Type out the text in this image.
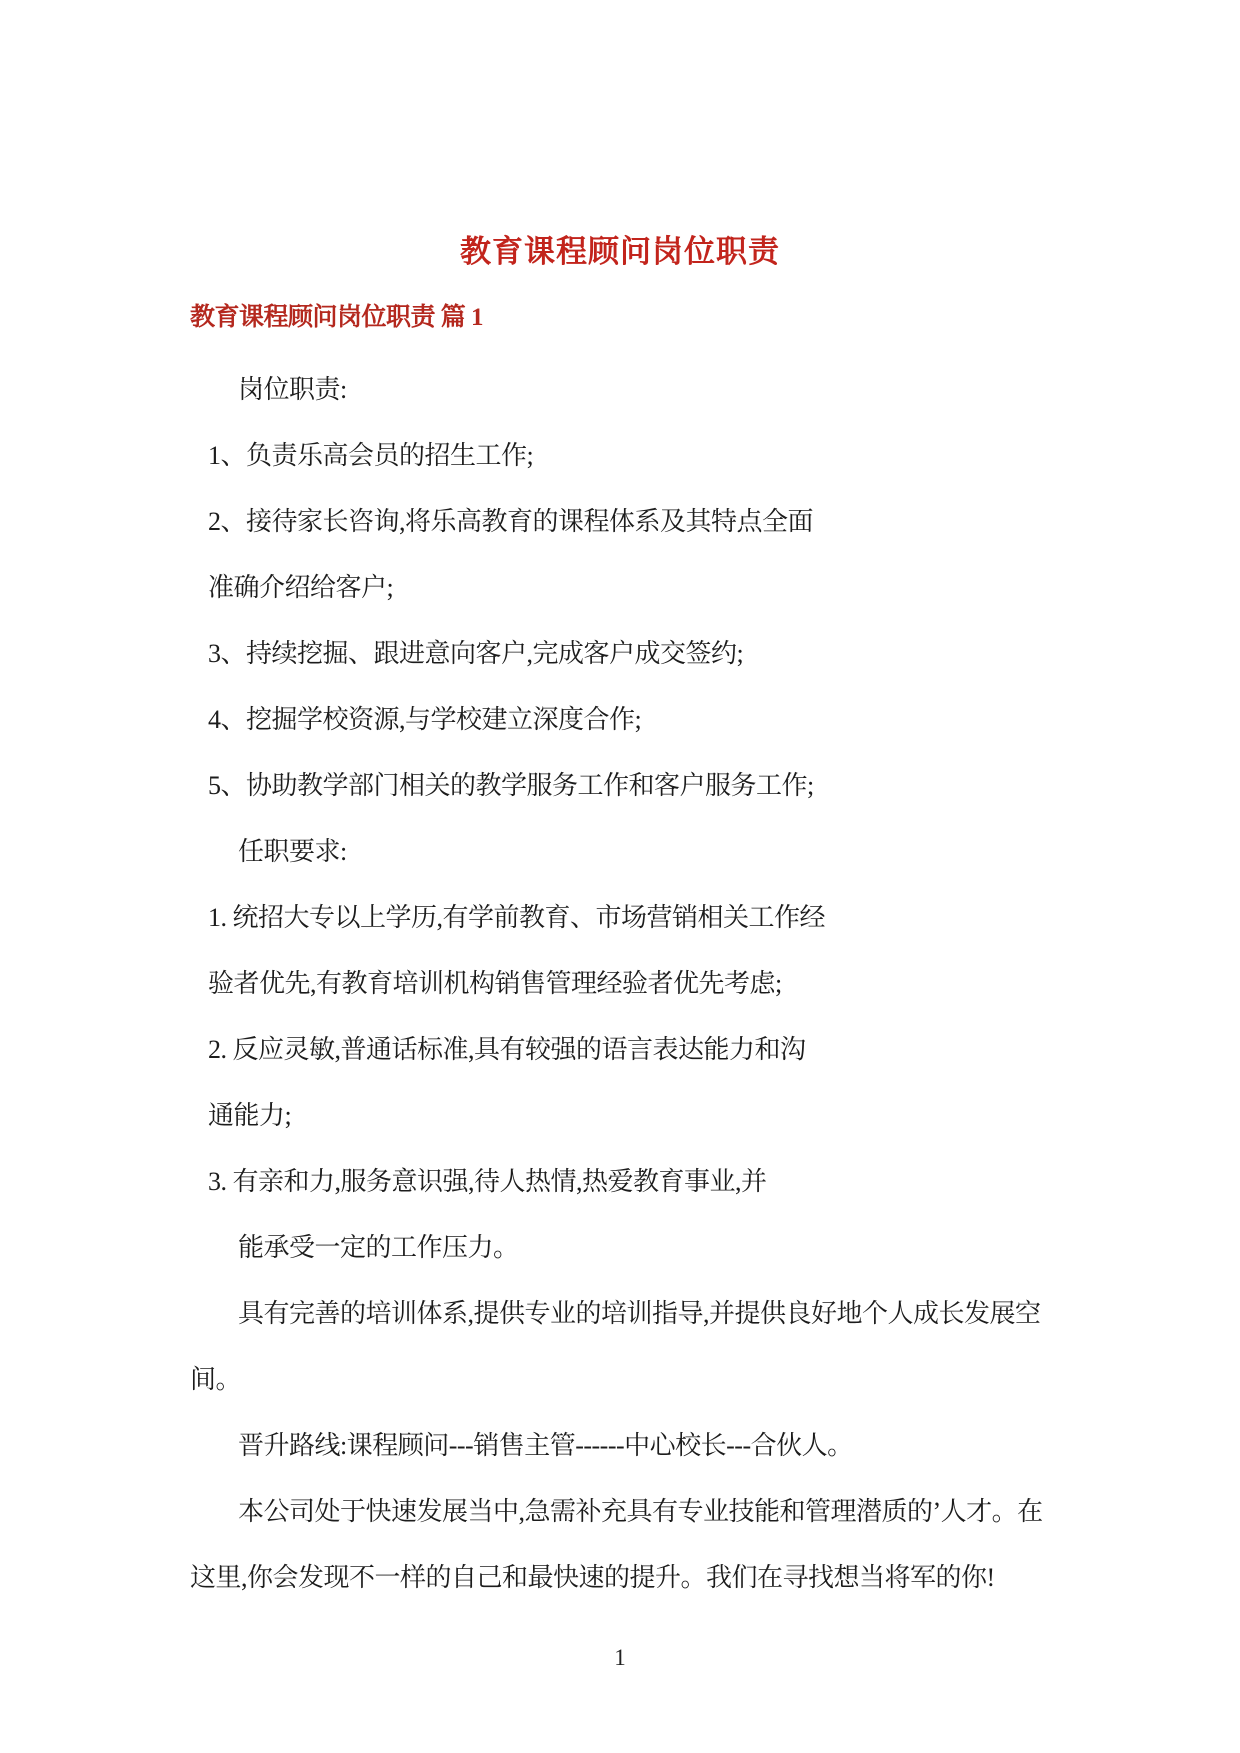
教育课程顾问岗位职责
教育课程顾问岗位职责 篇 1
岗位职责:
1、负责乐高会员的招生工作;
2、接待家长咨询,将乐高教育的课程体系及其特点全面
准确介绍给客户;
3、持续挖掘、跟进意向客户,完成客户成交签约;
4、挖掘学校资源,与学校建立深度合作;
5、协助教学部门相关的教学服务工作和客户服务工作;
任职要求:
1. 统招大专以上学历,有学前教育、市场营销相关工作经
验者优先,有教育培训机构销售管理经验者优先考虑;
2. 反应灵敏,普通话标准,具有较强的语言表达能力和沟
通能力;
3. 有亲和力,服务意识强,待人热情,热爱教育事业,并
能承受一定的工作压力。
具有完善的培训体系,提供专业的培训指导,并提供良好地个人成长发展空
间。
晋升路线:课程顾问---销售主管------中心校长---合伙人。
本公司处于快速发展当中,急需补充具有专业技能和管理潜质的’人才。在
这里,你会发现不一样的自己和最快速的提升。我们在寻找想当将军的你!
1
